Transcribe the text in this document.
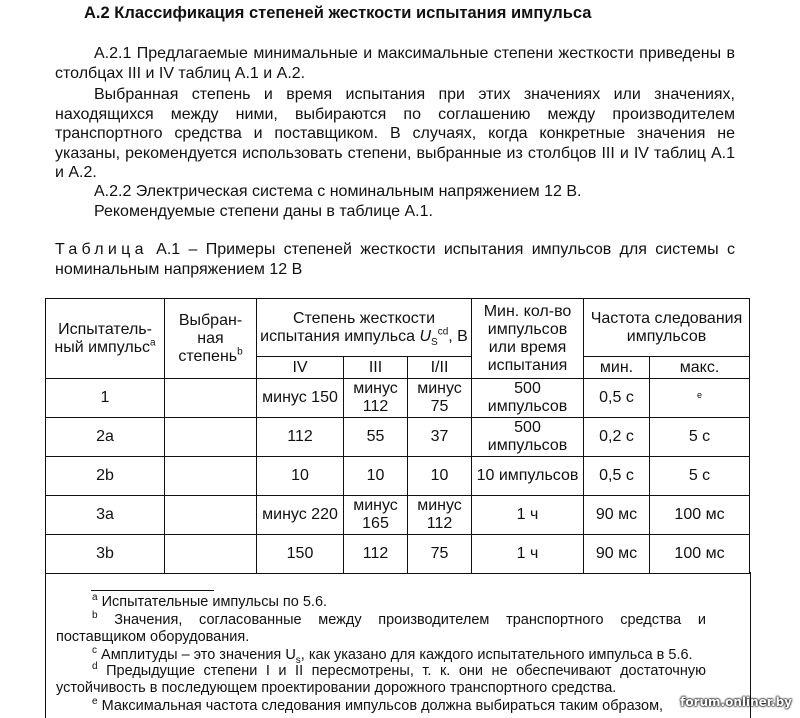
А.2 Классификация степеней жесткости испытания импульса

А.2.1 Предлагаемые минимальные и максимальные степени жесткости приведены в столбцах III и IV таблиц А.1 и А.2.

Выбранная степень и время испытания при этих значениях или значениях, находящихся между ними, выбираются по соглашению между производителем транспортного средства и поставщиком. В случаях, когда конкретные значения не указаны, рекомендуется использовать степени, выбранные из столбцов III и IV таблиц А.1 и А.2.

А.2.2 Электрическая система с номинальным напряжением 12 В.

Рекомендуемые степени даны в таблице А.1.

Таблица А.1 – Примеры степеней жесткости испытания импульсов для системы с номинальным напряжением 12 В

Испытатель-ный импульс$^a$	Выбран-ная степень$^b$	Степень жесткости испытания импульса $U_S^{cd}$, В			Мин. кол-во импульсов или время испытания	Частота следования импульсов	
		IV	III	I/II		мин.	макс.
1		минус 150	минус 112	минус 75	500 импульсов	0,5 с	$^e$
2а		112	55	37	500 импульсов	0,2 с	5 с
2b		10	10	10	10 импульсов	0,5 с	5 с
3a		минус 220	минус 165	минус 112	1 ч	90 мс	100 мс
3b		150	112	75	1 ч	90 мс	100 мс

$^a$ Испытательные импульсы по 5.6.

$^b$ Значения, согласованные между производителем транспортного средства и поставщиком оборудования.

$^c$ Амплитуды – это значения $U_s$, как указано для каждого испытательного импульса в 5.6.

$^d$ Предыдущие степени I и II пересмотрены, т. к. они не обеспечивают достаточную устойчивость в последующем проектировании дорожного транспортного средства.

$^e$ Максимальная частота следования импульсов должна выбираться таким образом,	forum.onliner.by
